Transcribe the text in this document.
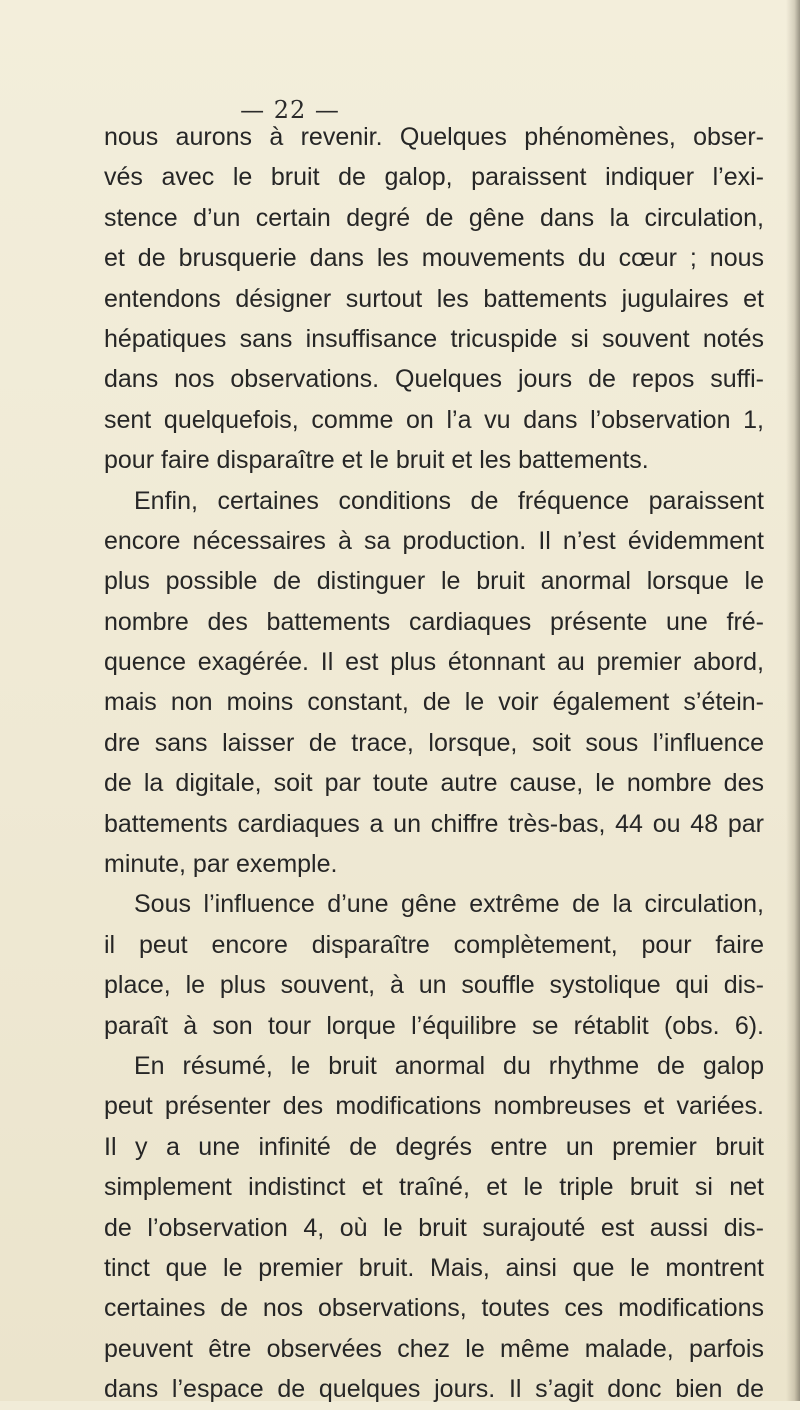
— 22 —
nous aurons à revenir. Quelques phénomènes, obser-
vés avec le bruit de galop, paraissent indiquer l’exi-
stence d’un certain degré de gêne dans la circulation,
et de brusquerie dans les mouvements du cœur ; nous
entendons désigner surtout les battements jugulaires et
hépatiques sans insuffisance tricuspide si souvent notés
dans nos observations. Quelques jours de repos suffi-
sent quelquefois, comme on l’a vu dans l’observation 1,
pour faire disparaître et le bruit et les battements.
Enfin, certaines conditions de fréquence paraissent
encore nécessaires à sa production. Il n’est évidemment
plus possible de distinguer le bruit anormal lorsque le
nombre des battements cardiaques présente une fré-
quence exagérée. Il est plus étonnant au premier abord,
mais non moins constant, de le voir également s’étein-
dre sans laisser de trace, lorsque, soit sous l’influence
de la digitale, soit par toute autre cause, le nombre des
battements cardiaques a un chiffre très-bas, 44 ou 48 par
minute, par exemple.
Sous l’influence d’une gêne extrême de la circulation,
il peut encore disparaître complètement, pour faire
place, le plus souvent, à un souffle systolique qui dis-
paraît à son tour lorque l’équilibre se rétablit (obs. 6).
En résumé, le bruit anormal du rhythme de galop
peut présenter des modifications nombreuses et variées.
Il y a une infinité de degrés entre un premier bruit
simplement indistinct et traîné, et le triple bruit si net
de l’observation 4, où le bruit surajouté est aussi dis-
tinct que le premier bruit. Mais, ainsi que le montrent
certaines de nos observations, toutes ces modifications
peuvent être observées chez le même malade, parfois
dans l’espace de quelques jours. Il s’agit donc bien de
